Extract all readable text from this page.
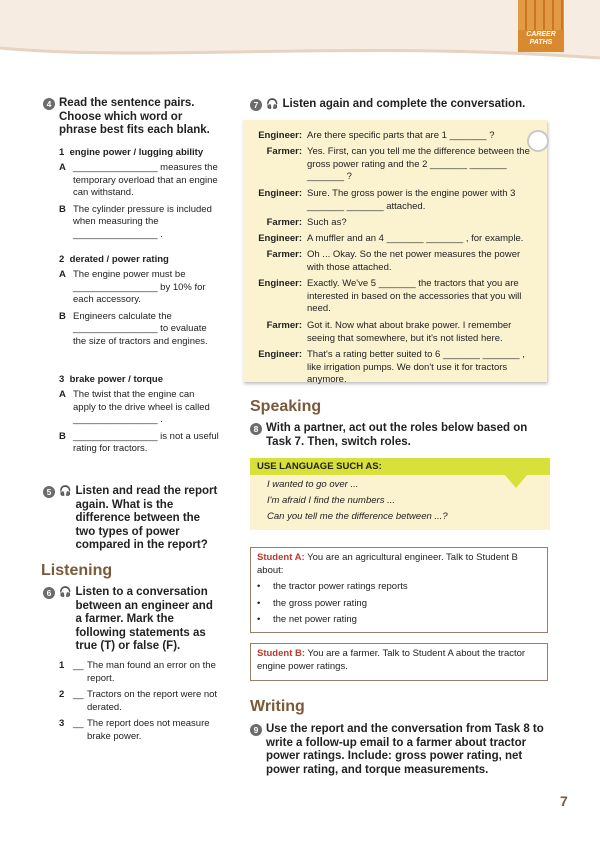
CAREER
PATHS
4 Read the sentence pairs. Choose which word or phrase best fits each blank.
1 engine power / lugging ability
A ________________ measures the temporary overload that an engine can withstand.
B The cylinder pressure is included when measuring the ________________ .
2 derated / power rating
A The engine power must be ________________ by 10% for each accessory.
B Engineers calculate the ________________ to evaluate the size of tractors and engines.
3 brake power / torque
A The twist that the engine can apply to the drive wheel is called ________________ .
B ________________ is not a useful rating for tractors.
5 🎧 Listen and read the report again. What is the difference between the two types of power compared in the report?
Listening
6 🎧 Listen to a conversation between an engineer and a farmer. Mark the following statements as true (T) or false (F).
1 __ The man found an error on the report.
2 __ Tractors on the report were not derated.
3 __ The report does not measure brake power.
7 🎧 Listen again and complete the conversation.
Engineer: Are there specific parts that are 1 _______ ?
Farmer: Yes. First, can you tell me the difference between the gross power rating and the 2 _______ _______ _______ ?
Engineer: Sure. The gross power is the engine power with 3 _______ _______ attached.
Farmer: Such as?
Engineer: A muffler and an 4 _______ _______ , for example.
Farmer: Oh ... Okay. So the net power measures the power with those attached.
Engineer: Exactly. We've 5 _______ the tractors that you are interested in based on the accessories that you will need.
Farmer: Got it. Now what about brake power. I remember seeing that somewhere, but it's not listed here.
Engineer: That's a rating better suited to 6 _______ _______ , like irrigation pumps. We don't use it for tractors anymore.
Speaking
8 With a partner, act out the roles below based on Task 7. Then, switch roles.
USE LANGUAGE SUCH AS:
I wanted to go over ...
I'm afraid I find the numbers ...
Can you tell me the difference between ...?
Student A: You are an agricultural engineer. Talk to Student B about:
•	the tractor power ratings reports
•	the gross power rating
•	the net power rating
Student B: You are a farmer. Talk to Student A about the tractor engine power ratings.
Writing
9 Use the report and the conversation from Task 8 to write a follow-up email to a farmer about tractor power ratings. Include: gross power rating, net power rating, and torque measurements.
7
